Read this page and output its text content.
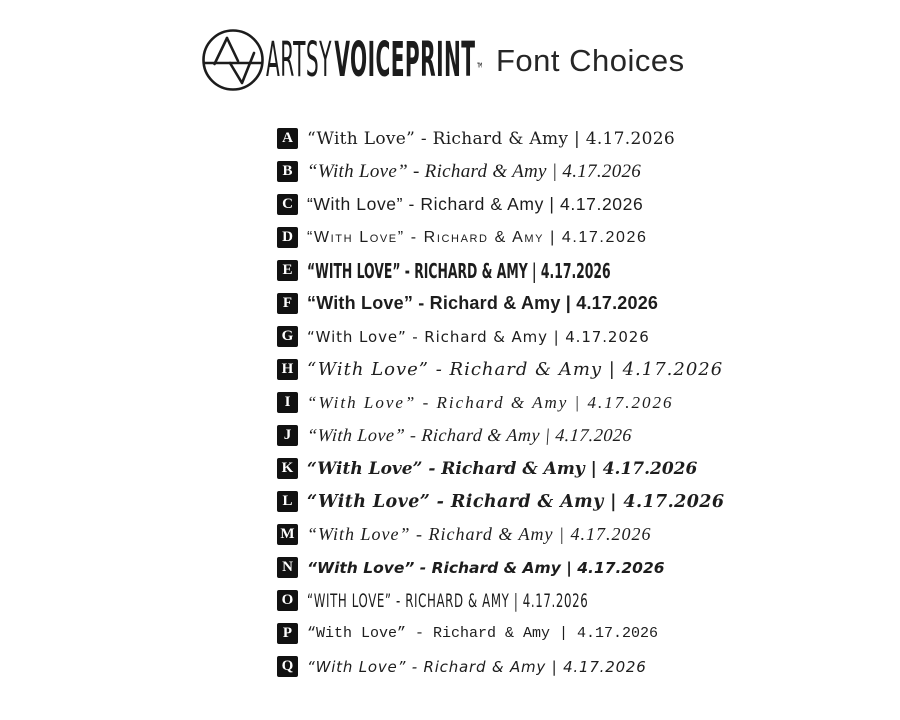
ARTSYVOICEPRINT™ Font Choices
A “With Love” - Richard & Amy | 4.17.2026
B “With Love” - Richard & Amy | 4.17.2026
C “With Love” - Richard & Amy | 4.17.2026
D “With Love” - Richard & Amy | 4.17.2026
E “WITH LOVE” - RICHARD & AMY | 4.17.2026
F “With Love” - Richard & Amy | 4.17.2026
G “With Love” - Richard & Amy | 4.17.2026
H “With Love” - Richard & Amy | 4.17.2026
I “With Love” - Richard & Amy | 4.17.2026
J “With Love” - Richard & Amy | 4.17.2026
K “With Love” - Richard & Amy | 4.17.2026
L “With Love” - Richard & Amy | 4.17.2026
M “With Love” - Richard & Amy | 4.17.2026
N “With Love” - Richard & Amy | 4.17.2026
O “WITH LOVE” - RICHARD & AMY | 4.17.2026
P “With Love” - Richard & Amy | 4.17.2026
Q “With Love” - Richard & Amy | 4.17.2026
